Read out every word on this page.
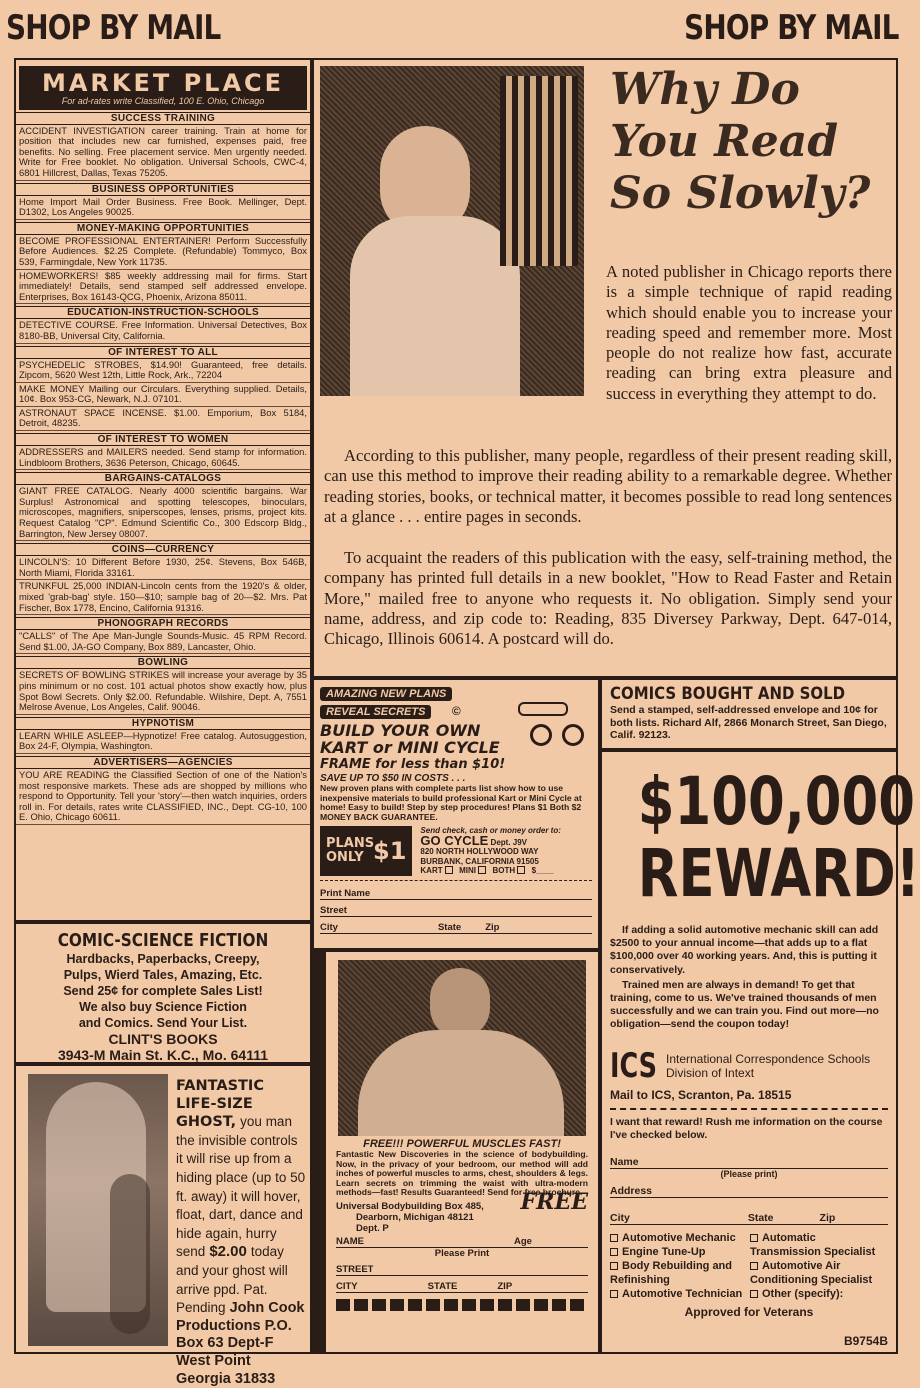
SHOP BY MAIL	SHOP BY MAIL
MARKET PLACE
For ad-rates write Classified, 100 E. Ohio, Chicago
SUCCESS TRAINING
ACCIDENT INVESTIGATION career training. Train at home for position that includes new car furnished, expenses paid, free benefits. No selling. Free placement service. Men urgently needed. Write for Free booklet. No obligation. Universal Schools, CWC-4, 6801 Hillcrest, Dallas, Texas 75205.
BUSINESS OPPORTUNITIES
Home Import Mail Order Business. Free Book. Mellinger, Dept. D1302, Los Angeles 90025.
MONEY-MAKING OPPORTUNITIES
BECOME PROFESSIONAL ENTERTAINER! Perform Successfully Before Audiences. $2.25 Complete. (Refundable) Tommyco, Box 539, Farmingdale, New York 11735.
HOMEWORKERS! $85 weekly addressing mail for firms. Start immediately! Details, send stamped self addressed envelope. Enterprises, Box 16143-QCG, Phoenix, Arizona 85011.
EDUCATION-INSTRUCTION-SCHOOLS
DETECTIVE COURSE. Free Information. Universal Detectives, Box 8180-BB, Universal City, California.
OF INTEREST TO ALL
PSYCHEDELIC STROBES, $14.90! Guaranteed, free details. Zipcom, 5620 West 12th, Little Rock, Ark., 72204
MAKE MONEY Mailing our Circulars. Everything supplied. Details, 10¢. Box 953-CG, Newark, N.J. 07101.
ASTRONAUT SPACE INCENSE. $1.00. Emporium, Box 5184, Detroit, 48235.
OF INTEREST TO WOMEN
ADDRESSERS and MAILERS needed. Send stamp for information. Lindbloom Brothers, 3636 Peterson, Chicago, 60645.
BARGAINS-CATALOGS
GIANT FREE CATALOG. Nearly 4000 scientific bargains. War Surplus! Astronomical and spotting telescopes, binoculars, microscopes, magnifiers, sniperscopes, lenses, prisms, project kits. Request Catalog "CP". Edmund Scientific Co., 300 Edscorp Bldg., Barrington, New Jersey 08007.
COINS—CURRENCY
LINCOLN'S: 10 Different Before 1930, 25¢. Stevens, Box 546B, North Miami, Florida 33161.
TRUNKFUL 25,000 INDIAN-Lincoln cents from the 1920's & older, mixed 'grab-bag' style. 150—$10; sample bag of 20—$2. Mrs. Pat Fischer, Box 1778, Encino, California 91316.
PHONOGRAPH RECORDS
"CALLS" of The Ape Man-Jungle Sounds-Music. 45 RPM Record. Send $1.00, JA-GO Company, Box 889, Lancaster, Ohio.
BOWLING
SECRETS OF BOWLING STRIKES will increase your average by 35 pins minimum or no cost. 101 actual photos show exactly how, plus Spot Bowl Secrets. Only $2.00. Refundable. Wilshire, Dept. A, 7551 Melrose Avenue, Los Angeles, Calif. 90046.
HYPNOTISM
LEARN WHILE ASLEEP—Hypnotize! Free catalog. Autosuggestion, Box 24-F, Olympia, Washington.
ADVERTISERS—AGENCIES
YOU ARE READING the Classified Section of one of the Nation's most responsive markets. These ads are shopped by millions who respond to Opportunity. Tell your 'story'—then watch inquiries, orders roll in. For details, rates write CLASSIFIED, INC., Dept. CG-10, 100 E. Ohio, Chicago 60611.
COMIC-SCIENCE FICTION
Hardbacks, Paperbacks, Creepy,
Pulps, Wierd Tales, Amazing, Etc.
Send 25¢ for complete Sales List!
We also buy Science Fiction
and Comics. Send Your List.
CLINT'S BOOKS
3943-M Main St. K.C., Mo. 64111
FANTASTIC LIFE-SIZE GHOST, you man the invisible controls it will rise up from a hiding place (up to 50 ft. away) it will hover, float, dart, dance and hide again, hurry send $2.00 today and your ghost will arrive ppd. Pat. Pending John Cook Productions P.O. Box 63 Dept-F West Point Georgia 31833
Why Do
You Read
So Slowly?
A noted publisher in Chicago reports there is a simple technique of rapid reading which should enable you to increase your reading speed and remember more. Most people do not realize how fast, accurate reading can bring extra pleasure and success in everything they attempt to do.
According to this publisher, many people, regardless of their present reading skill, can use this method to improve their reading ability to a remarkable degree. Whether reading stories, books, or technical matter, it becomes possible to read long sentences at a glance . . . entire pages in seconds.
To acquaint the readers of this publication with the easy, self-training method, the company has printed full details in a new booklet, "How to Read Faster and Retain More," mailed free to anyone who requests it. No obligation. Simply send your name, address, and zip code to: Reading, 835 Diversey Parkway, Dept. 647-014, Chicago, Illinois 60614. A postcard will do.
AMAZING NEW PLANS
REVEAL SECRETS ©
BUILD YOUR OWN
KART or MINI CYCLE
FRAME for less than $10!
SAVE UP TO $50 IN COSTS . . .
New proven plans with complete parts list show how to use inexpensive materials to build professional Kart or Mini Cycle at home! Easy to build! Step by step procedures! Plans $1 Both $2 MONEY BACK GUARANTEE.
PLANS ONLY $1
Send check, cash or money order to:
GO CYCLE Dept. J9V
820 NORTH HOLLYWOOD WAY
BURBANK, CALIFORNIA 91505
KART MINI BOTH $____
Print Name
Street
City	State	Zip
FREE!!! POWERFUL MUSCLES FAST!
Fantastic New Discoveries in the science of bodybuilding. Now, in the privacy of your bedroom, our method will add inches of powerful muscles to arms, chest, shoulders & legs. Learn secrets on trimming the waist with ultra-modern methods—fast! Results Guaranteed! Send for free brochure.
Universal Bodybuilding Box 485,
Dearborn, Michigan 48121
Dept. P
FREE
NAME	Age
Please Print
STREET
CITY	STATE	ZIP
COMICS BOUGHT AND SOLD
Send a stamped, self-addressed envelope and 10¢ for both lists. Richard Alf, 2866 Monarch Street, San Diego, Calif. 92123.
$100,000
REWARD!
If adding a solid automotive mechanic skill can add $2500 to your annual income—that adds up to a flat $100,000 over 40 working years. And, this is putting it conservatively.
Trained men are always in demand! To get that training, come to us. We've trained thousands of men successfully and we can train you. Find out more—no obligation—send the coupon today!
ICS International Correspondence Schools
Division of Intext
Mail to ICS, Scranton, Pa. 18515
I want that reward! Rush me information on the course I've checked below.
Name
(Please print)
Address
City	State	Zip
Automotive Mechanic
Engine Tune-Up
Body Rebuilding and Refinishing
Automotive Technician
Automatic Transmission Specialist
Automotive Air Conditioning Specialist
Other (specify):
Approved for Veterans
B9754B
